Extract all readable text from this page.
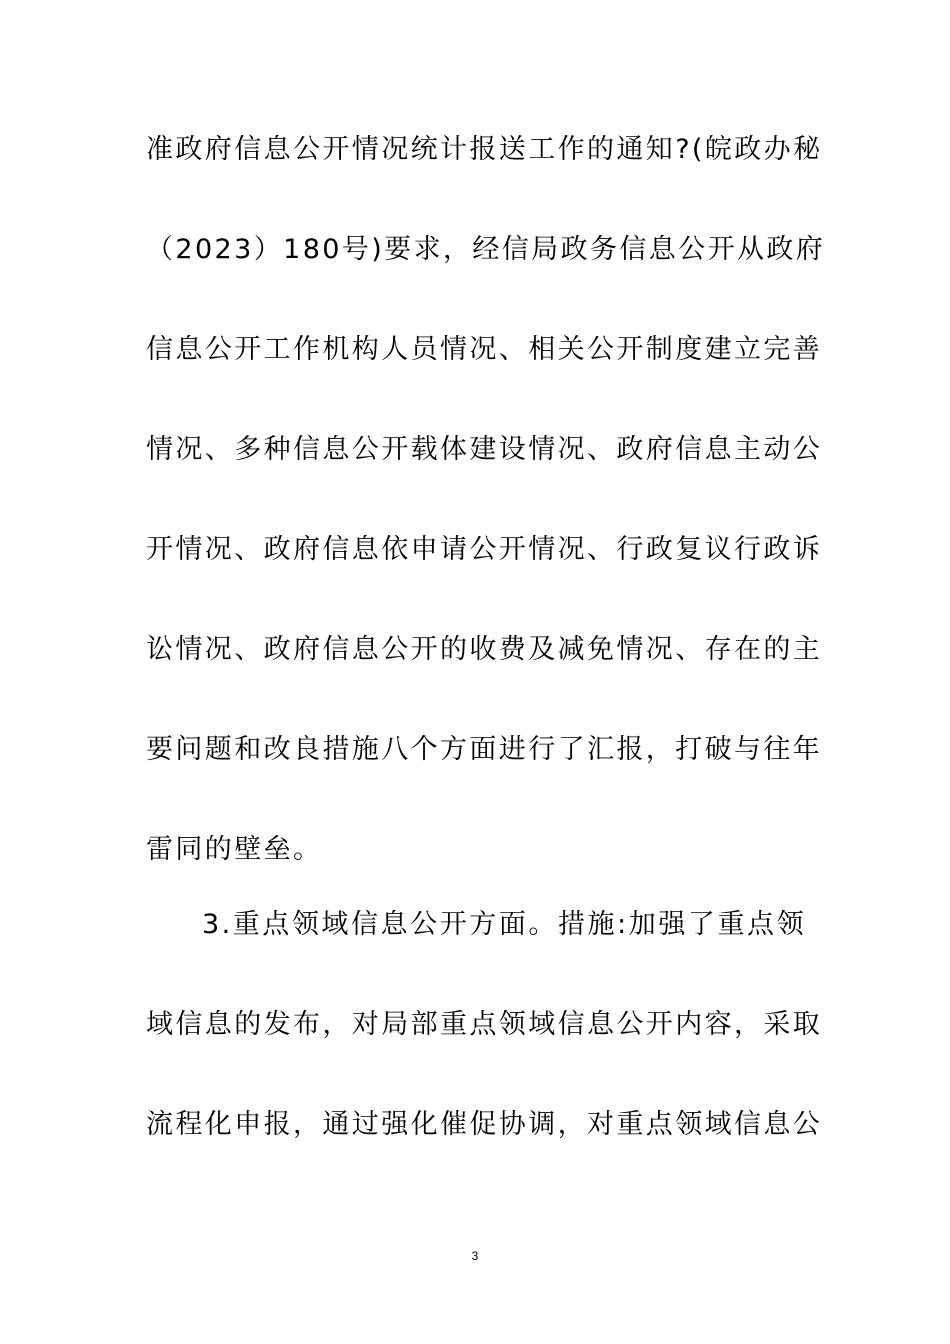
准政府信息公开情况统计报送工作的通知?(皖政办秘
（2023）180号)要求，经信局政务信息公开从政府
信息公开工作机构人员情况、相关公开制度建立完善
情况、多种信息公开载体建设情况、政府信息主动公
开情况、政府信息依申请公开情况、行政复议行政诉
讼情况、政府信息公开的收费及减免情况、存在的主
要问题和改良措施八个方面进行了汇报，打破与往年
雷同的壁垒。
3.重点领域信息公开方面。措施:加强了重点领
域信息的发布，对局部重点领域信息公开内容，采取
流程化申报，通过强化催促协调，对重点领域信息公
3
